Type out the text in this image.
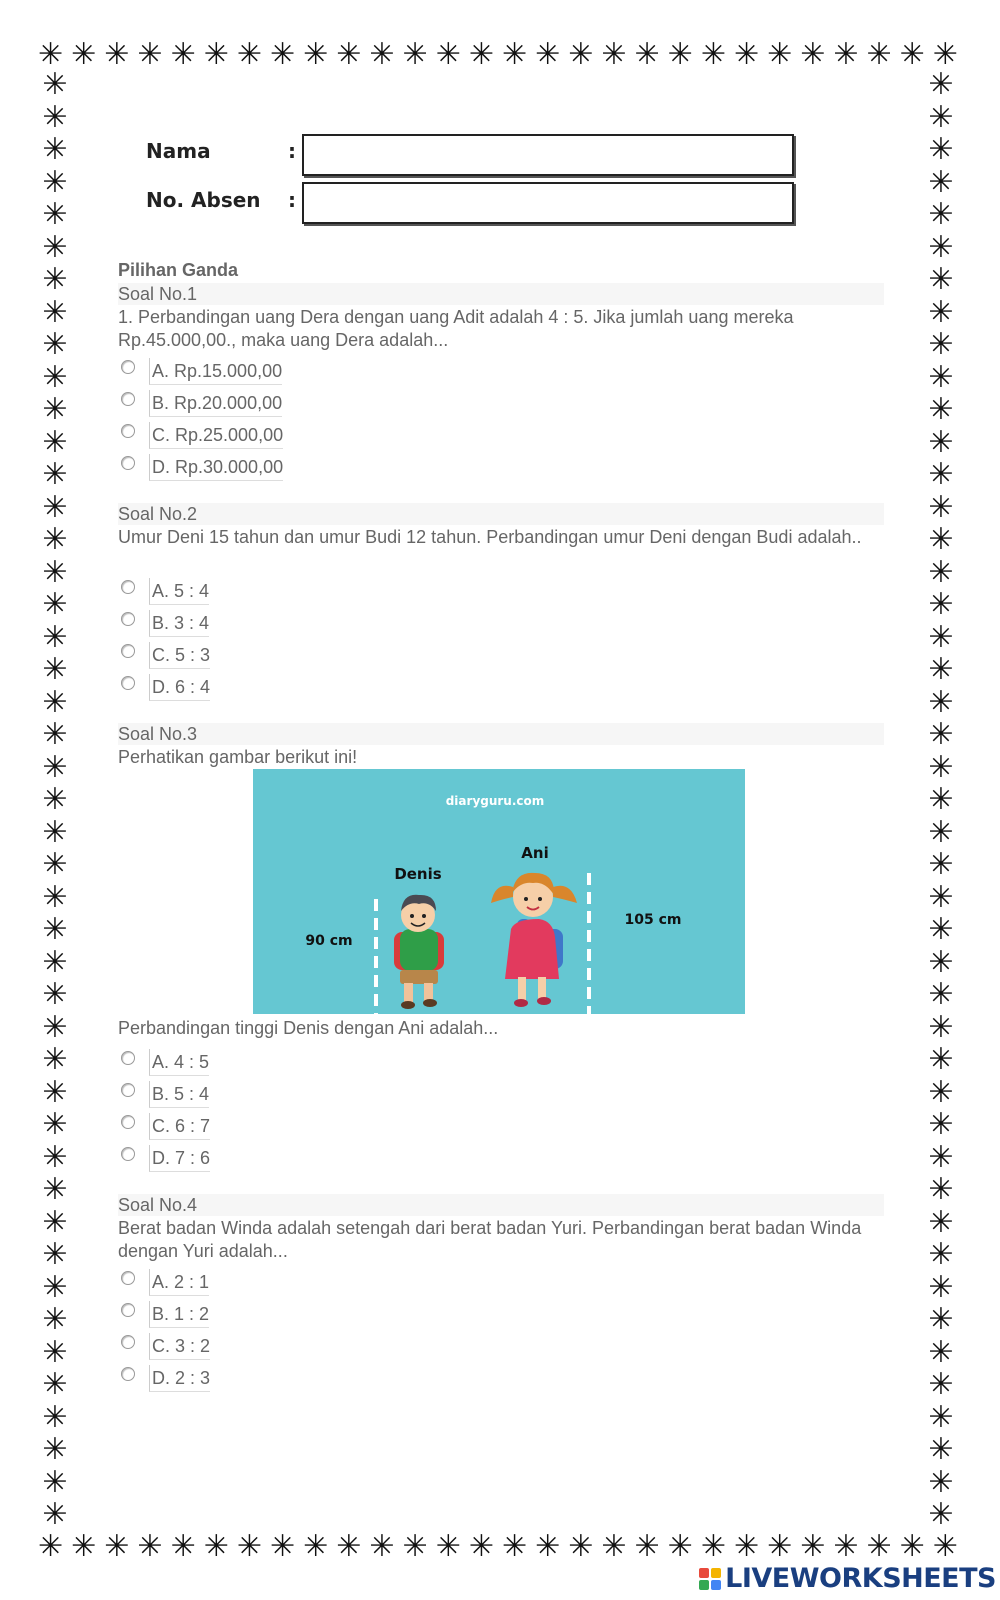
✳ ✳ ✳ ✳ ✳ ✳ ✳ ✳ ✳ ✳ ✳ ✳ ✳ ✳ ✳ ✳ ✳ ✳ ✳ ✳ ✳ ✳ ✳ ✳ ✳ ✳ ✳ ✳
✳ ✳ ✳ ✳ ✳ ✳ ✳ ✳ ✳ ✳ ✳ ✳ ✳ ✳ ✳ ✳ ✳ ✳ ✳ ✳ ✳ ✳ ✳ ✳ ✳ ✳ ✳ ✳
✳
✳
✳
✳
✳
✳
✳
✳
✳
✳
✳
✳
✳
✳
✳
✳
✳
✳
✳
✳
✳
✳
✳
✳
✳
✳
✳
✳
✳
✳
✳
✳
✳
✳
✳
✳
✳
✳
✳
✳
✳
✳
✳
✳
✳
✳
✳
✳
✳
✳
✳
✳
✳
✳
✳
✳
✳
✳
✳
✳
✳
✳
✳
✳
✳
✳
✳
✳
✳
✳
✳
✳
✳
✳
✳
✳
✳
✳
✳
✳
✳
✳
✳
✳
✳
✳
✳
✳
✳
✳
Nama	:
No. Absen :
Pilihan Ganda
Soal No.1
1. Perbandingan uang Dera dengan uang Adit adalah 4 : 5. Jika jumlah uang mereka Rp.45.000,00., maka uang Dera adalah...
A. Rp.15.000,00
B. Rp.20.000,00
C. Rp.25.000,00
D. Rp.30.000,00
Soal No.2
Umur Deni 15 tahun dan umur Budi 12 tahun. Perbandingan umur Deni dengan Budi adalah..
A. 5 : 4
B. 3 : 4
C. 5 : 3
D. 6 : 4
Soal No.3
Perhatikan gambar berikut ini!
diaryguru.com
Denis
Ani
90 cm
105 cm
Perbandingan tinggi Denis dengan Ani adalah...
A. 4 : 5
B. 5 : 4
C. 6 : 7
D. 7 : 6
Soal No.4
Berat badan Winda adalah setengah dari berat badan Yuri. Perbandingan berat badan Winda dengan Yuri adalah...
A. 2 : 1
B. 1 : 2
C. 3 : 2
D. 2 : 3
LIVEWORKSHEETS
